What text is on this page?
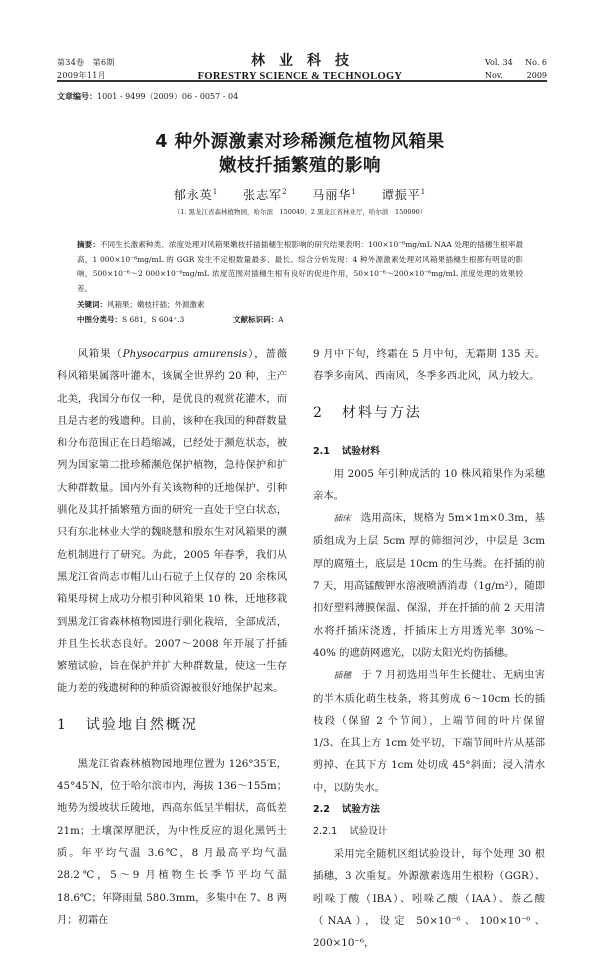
第34卷　第6期
2009年11月
林业科技
FORESTRY SCIENCE & TECHNOLOGY
Vol. 34 No. 6
Nov.	2009
文章编号：1001 - 9499（2009）06 - 0057 - 04
4 种外源激素对珍稀濒危植物风箱果
嫩枝扦插繁殖的影响
郁永英$^1$ 张志军$^2$ 马丽华$^1$ 谭振平$^1$
（1. 黑龙江省森林植物园，哈尔滨　150040；2 黑龙江省林业厅，哈尔滨　150090）
摘要：不同生长激素种类、浓度处理对风箱果嫩枝扦插插穗生根影响的研究结果表明：100×10⁻⁶mg/mL NAA 处理的插穗生根率最高，1 000×10⁻⁶mg/mL 的 GGR 发生不定根数量最多、最长。综合分析发现：4 种外源激素处理对风箱果插穗生根都有明显的影响，500×10⁻⁶～2 000×10⁻⁶mg/mL 浓度范围对插穗生根有良好的促进作用，50×10⁻⁶～200×10⁻⁶mg/mL 浓度处理的效果较差。
关键词：风箱果；嫩枝扦插；外源激素
中图分类号：S 681，S 604⁺.3	文献标识码：A

风箱果（Physocarpus amurensis），蔷薇科风箱果属落叶灌木，该属全世界约 20 种，主产北美，我国分布仅一种，是优良的观赏花灌木，而且是古老的残遗种。目前，该种在我国的种群数量和分布范围正在日趋缩减，已经处于濒危状态，被列为国家第二批珍稀濒危保护植物，急待保护和扩大种群数量。国内外有关该物种的迁地保护、引种驯化及其扦插繁殖方面的研究一直处于空白状态，只有东北林业大学的魏晓慧和殷东生对风箱果的濒危机制进行了研究。为此，2005 年春季，我们从黑龙江省尚志市帽儿山石砬子上仅存的 20 余株风箱果母树上成功分根引种风箱果 10 株，迁地移栽到黑龙江省森林植物园进行驯化栽培，全部成活，并且生长状态良好。2007～2008 年开展了扦插繁殖试验，旨在保护并扩大种群数量，使这一生存能力差的残遗树种的种质资源被很好地保护起来。

1 试验地自然概况

黑龙江省森林植物园地理位置为 126°35′E，45°45′N，位于哈尔滨市内，海拔 136～155m；地势为缓坡状丘陵地，西高东低呈半帽状，高低差 21m；土壤深厚肥沃，为中性反应的退化黑钙土质。年平均气温 3.6℃，8 月最高平均气温 28.2℃，5～9 月植物生长季节平均气温 18.6℃；年降雨量 580.3mm，多集中在 7、8 两月；初霜在

9 月中下旬，终霜在 5 月中旬，无霜期 135 天。春季多南风、西南风，冬季多西北风，风力较大。

2 材料与方法
2.1 试验材料

用 2005 年引种成活的 10 株风箱果作为采穗亲本。

插床 选用高床，规格为 5m×1m×0.3m，基质组成为上层 5cm 厚的筛细河沙，中层是 3cm 厚的腐殖土，底层是 10cm 的生马粪。在扦插的前 7 天，用高锰酸钾水溶液喷洒消毒（1g/m²），随即扣好塑料薄膜保温、保湿，并在扦插的前 2 天用清水将扦插床浇透，扦插床上方用透光率 30%～40% 的遮荫网遮光，以防太阳光灼伤插穗。

插穗 于 7 月初选用当年生长健壮、无病虫害的半木质化萌生枝条，将其剪成 6～10cm 长的插枝段（保留 2 个节间），上端节间的叶片保留 1/3、在其上方 1cm 处平切，下端节间叶片从基部剪掉、在其下方 1cm 处切成 45°斜面；浸入清水中，以防失水。

2.2 试验方法
2.2.1 试验设计

采用完全随机区组试验设计，每个处理 30 根插穗，3 次重复。外源激素选用生根粉（GGR）、吲哚丁酸（IBA）、吲哚乙酸（IAA）、萘乙酸（NAA），设定 50×10⁻⁶、100×10⁻⁶、200×10⁻⁶，
